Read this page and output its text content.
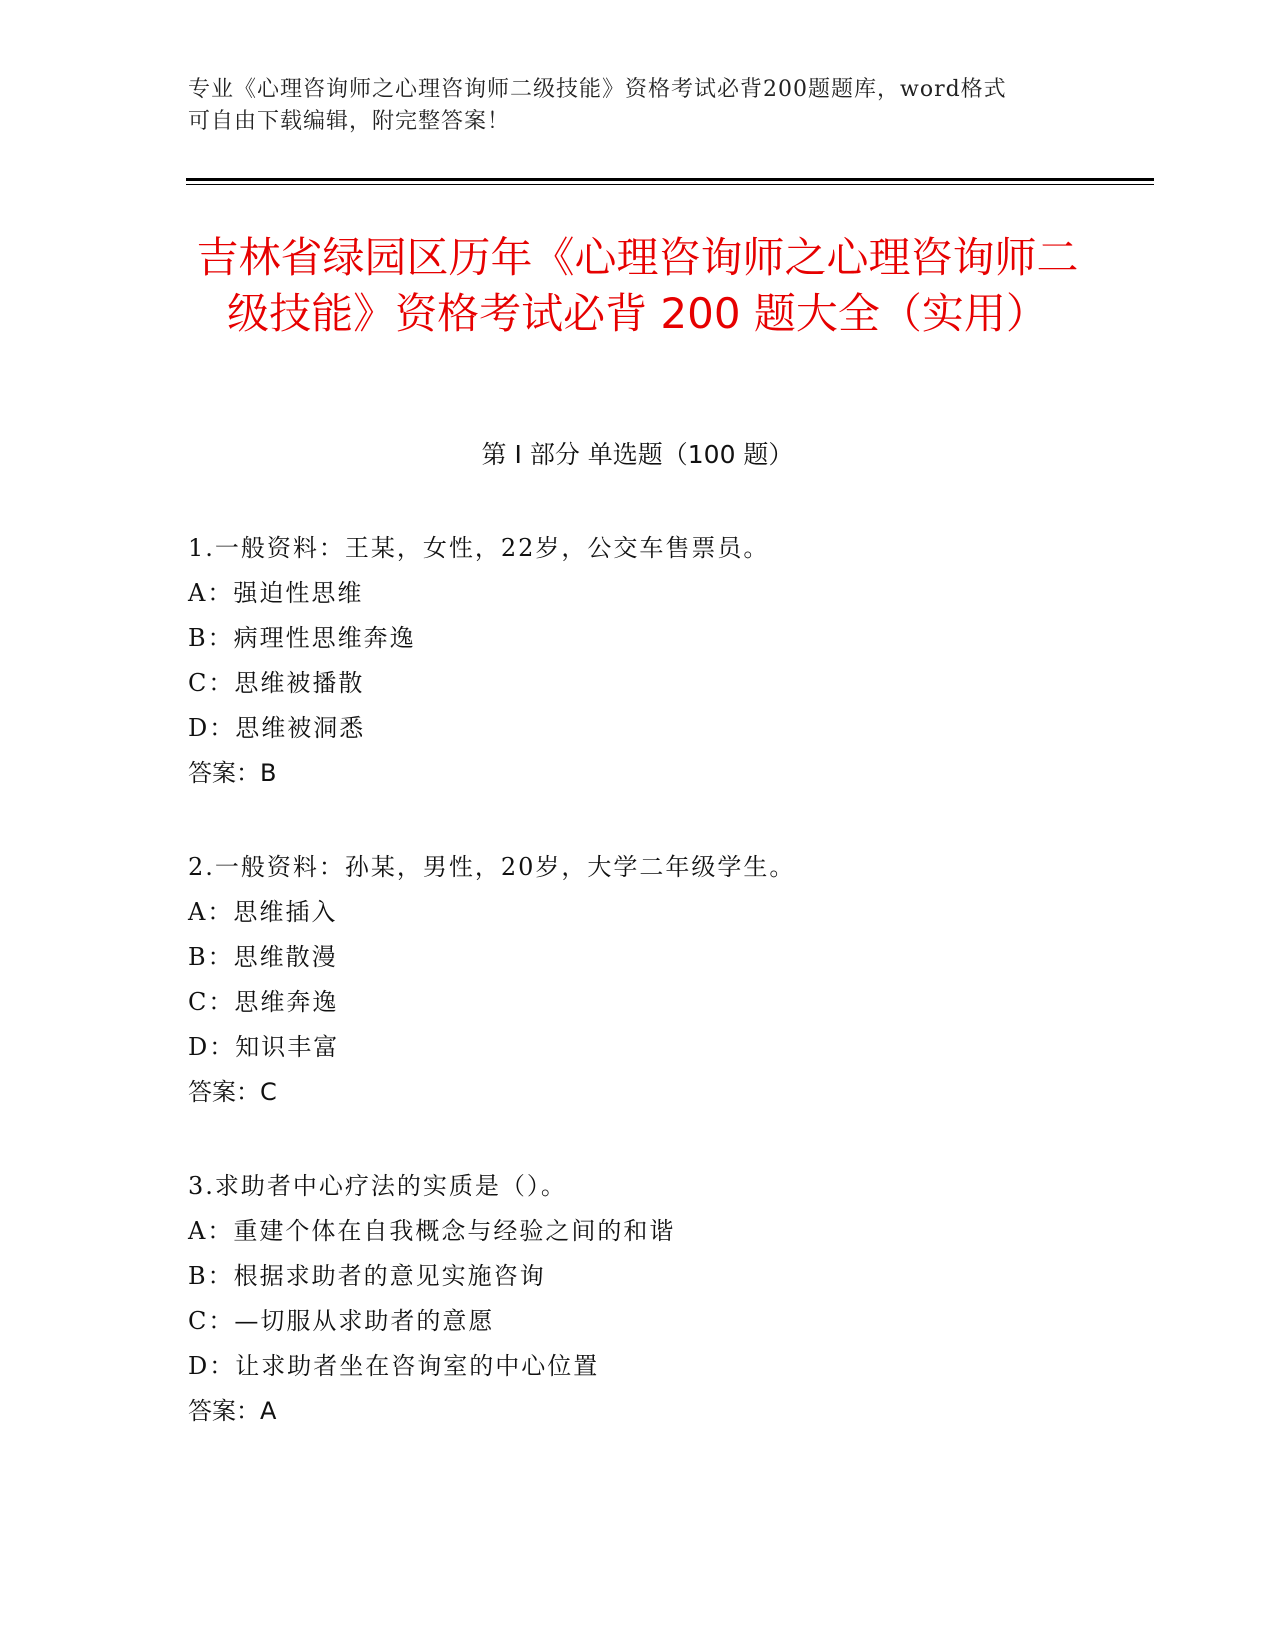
专业《心理咨询师之心理咨询师二级技能》资格考试必背200题题库，word格式
可自由下载编辑，附完整答案！
吉林省绿园区历年《心理咨询师之心理咨询师二级技能》资格考试必背 200 题大全（实用）
第 I 部分 单选题（100 题）
1.一般资料：王某，女性，22岁，公交车售票员。
A：强迫性思维
B：病理性思维奔逸
C：思维被播散
D：思维被洞悉
答案：B
2.一般资料：孙某，男性，20岁，大学二年级学生。
A：思维插入
B：思维散漫
C：思维奔逸
D：知识丰富
答案：C
3.求助者中心疗法的实质是（）。
A：重建个体在自我概念与经验之间的和谐
B：根据求助者的意见实施咨询
C：—切服从求助者的意愿
D：让求助者坐在咨询室的中心位置
答案：A
